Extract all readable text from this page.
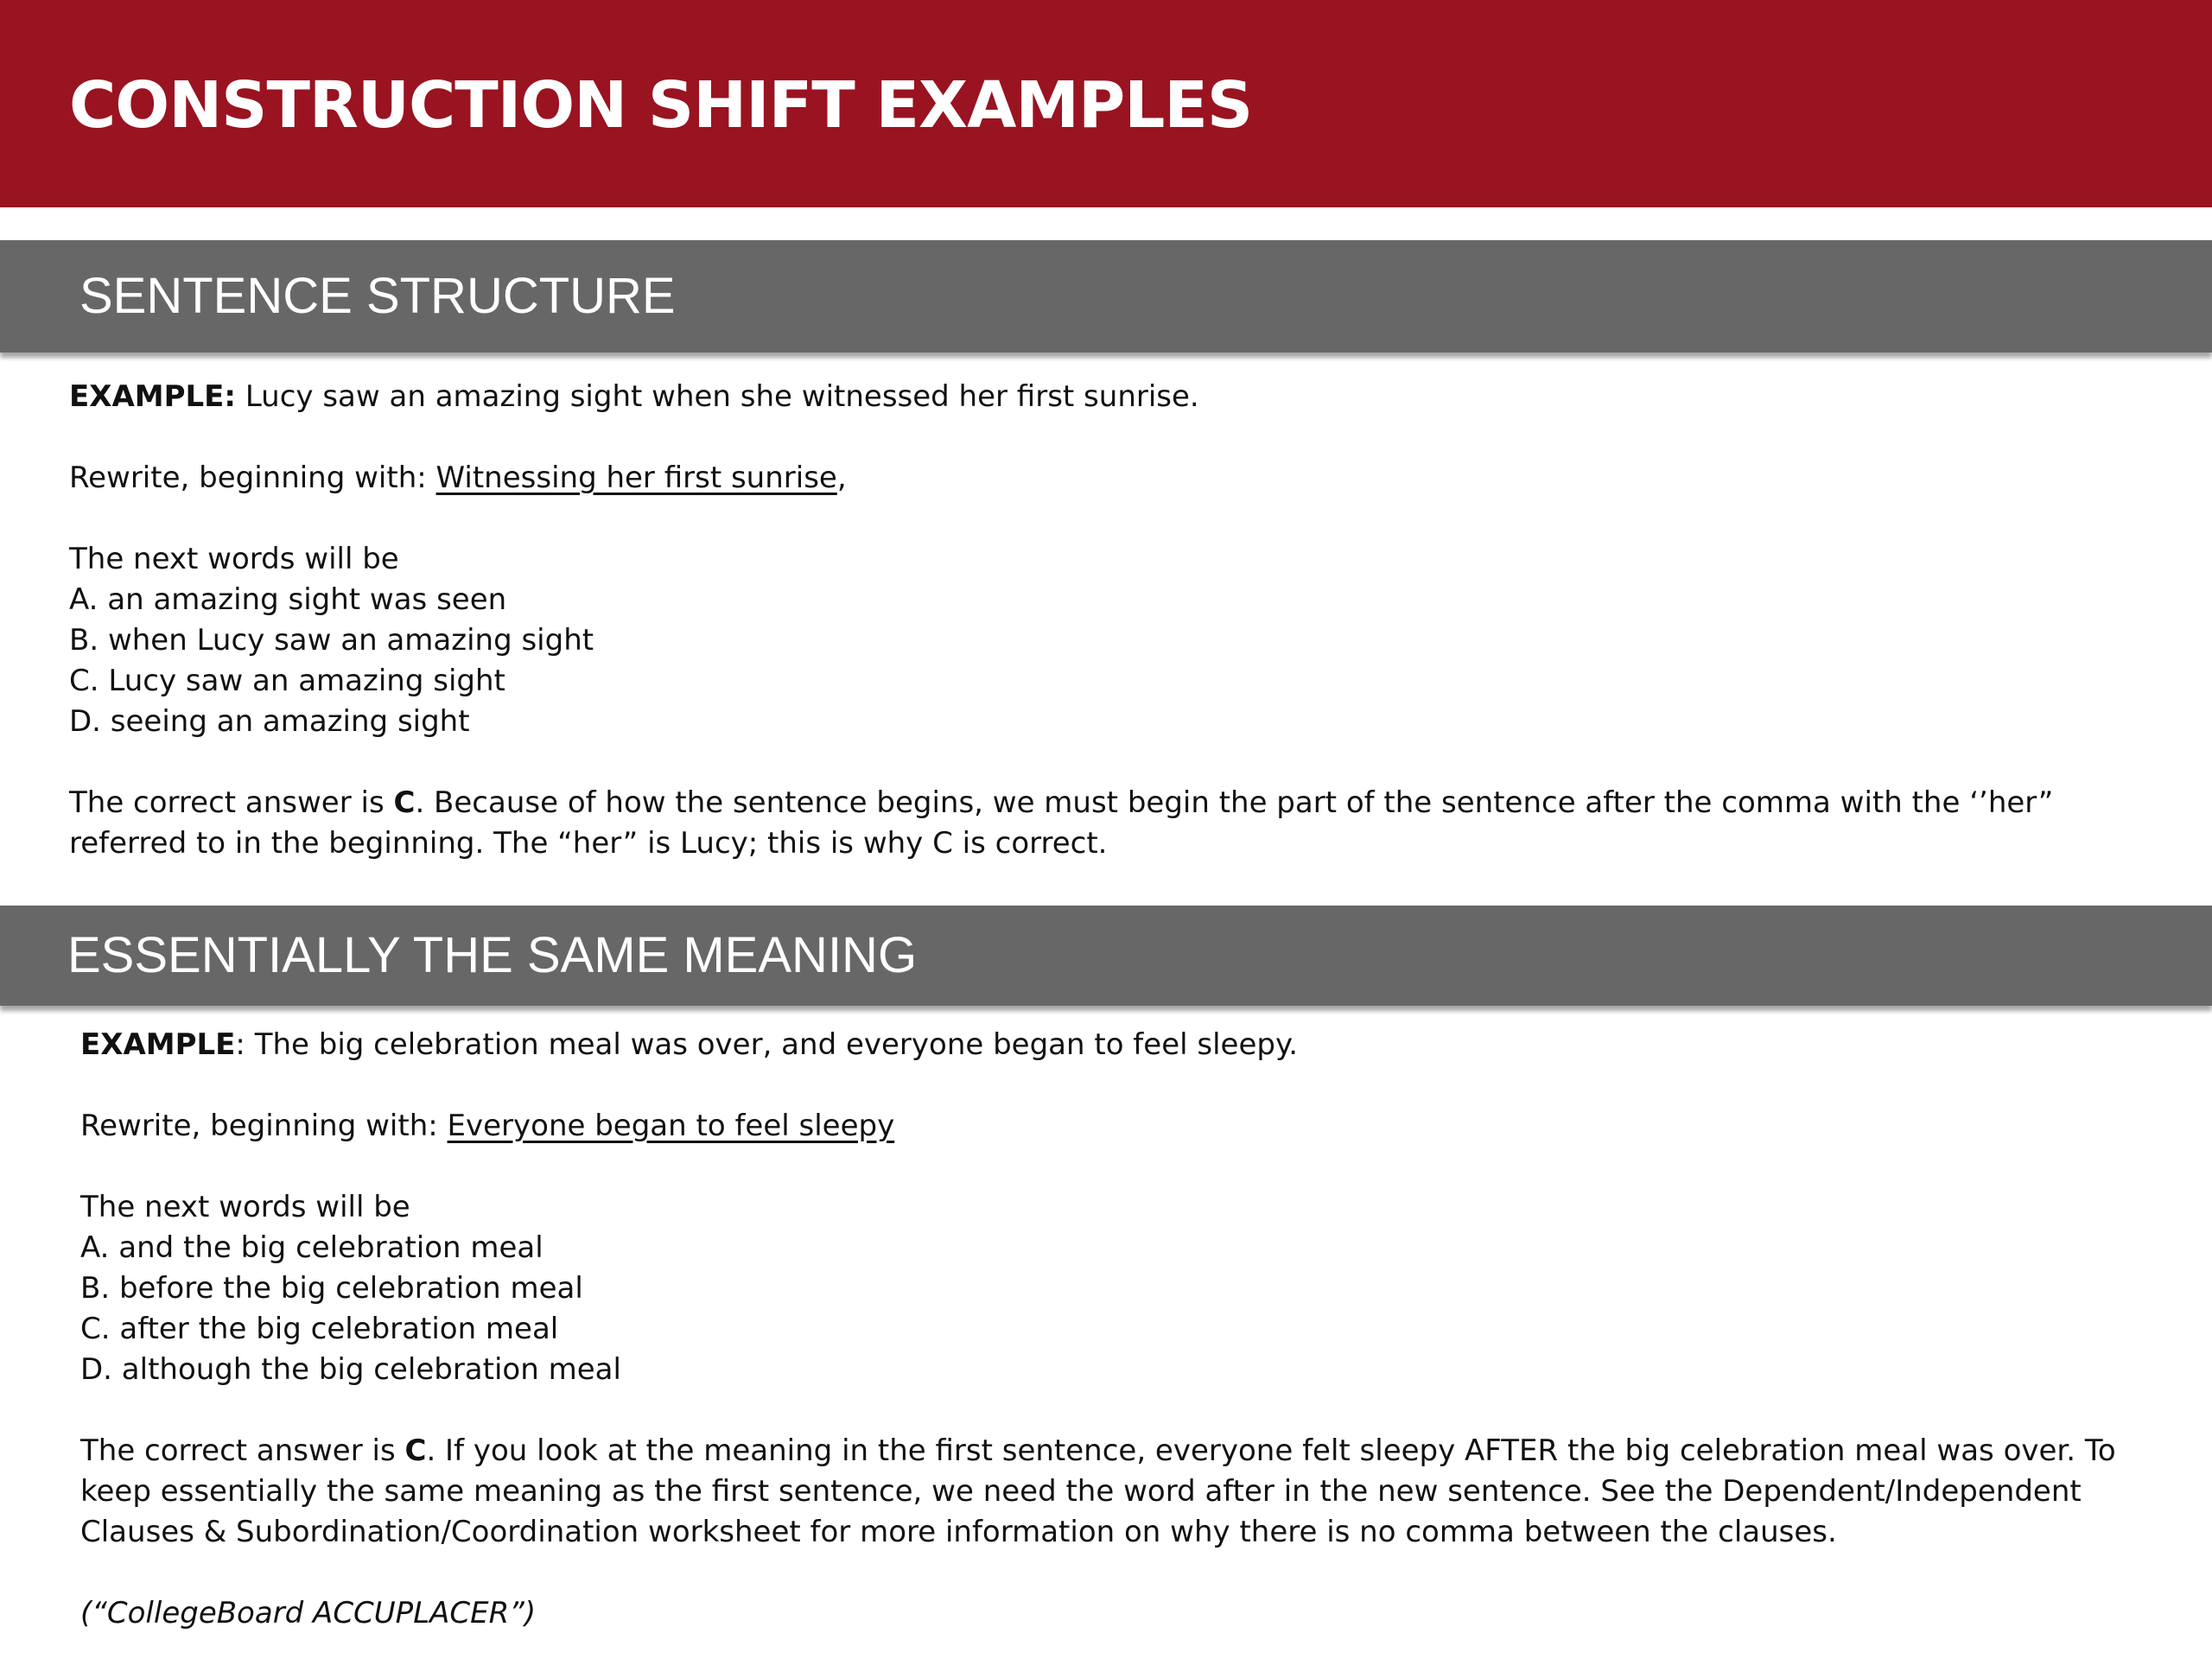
CONSTRUCTION SHIFT EXAMPLES
SENTENCE STRUCTURE

EXAMPLE: Lucy saw an amazing sight when she witnessed her first sunrise.

Rewrite, beginning with: Witnessing her first sunrise,

The next words will be

A. an amazing sight was seen

B. when Lucy saw an amazing sight

C. Lucy saw an amazing sight

D. seeing an amazing sight

The correct answer is C. Because of how the sentence begins, we must begin the part of the sentence after the comma with the ‘’her” referred to in the beginning. The “her” is Lucy; this is why C is correct.

ESSENTIALLY THE SAME MEANING

EXAMPLE: The big celebration meal was over, and everyone began to feel sleepy.

Rewrite, beginning with: Everyone began to feel sleepy

The next words will be

A. and the big celebration meal

B. before the big celebration meal

C. after the big celebration meal

D. although the big celebration meal

The correct answer is C. If you look at the meaning in the first sentence, everyone felt sleepy AFTER the big celebration meal was over. To keep essentially the same meaning as the first sentence, we need the word after in the new sentence. See the Dependent/Independent Clauses & Subordination/Coordination worksheet for more information on why there is no comma between the clauses.

(“CollegeBoard ACCUPLACER”)
